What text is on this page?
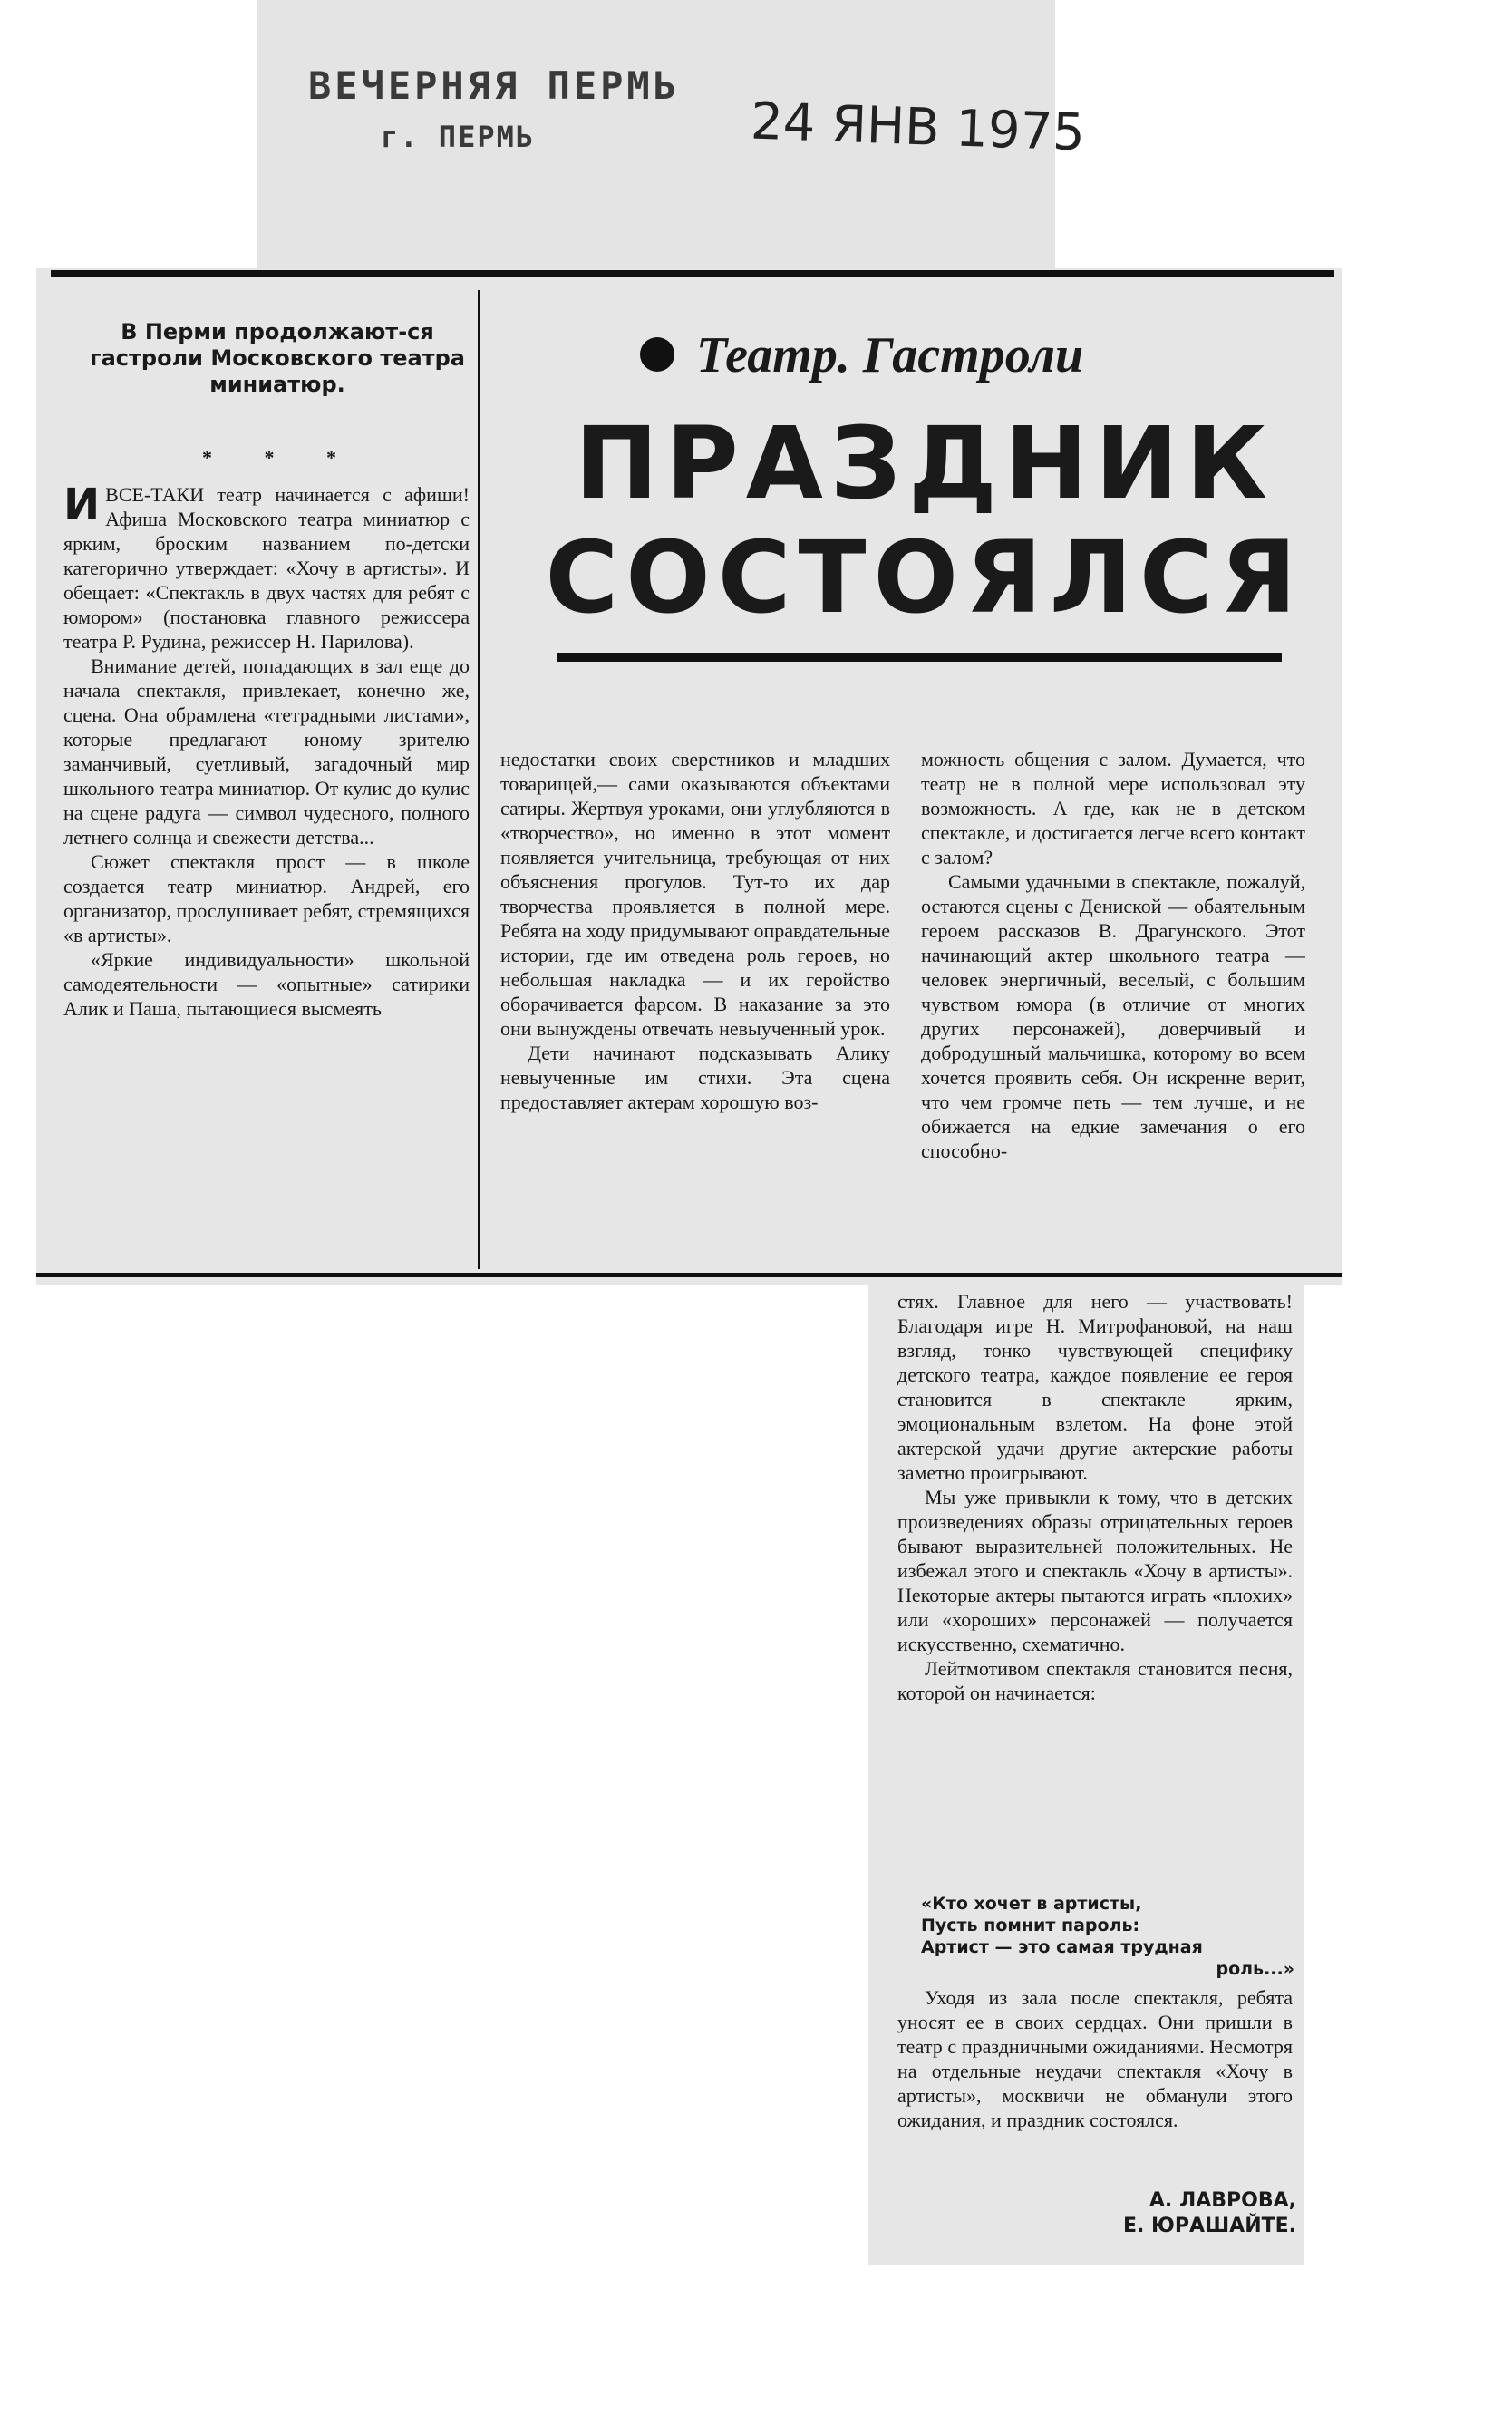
ВЕЧЕРНЯЯ ПЕРМЬ
г. ПЕРМЬ	24 ЯНВ 1975
В Перми продолжают-ся гастроли Московского театра миниатюр.
* * *
Театр. Гастроли
ПРАЗДНИК
СОСТОЯЛСЯ

ИВСЕ-ТАКИ театр начинается с афиши! Афиша Московского театра миниатюр с ярким, броским названием по-детски категорично утверждает: «Хочу в артисты». И обещает: «Спектакль в двух частях для ребят с юмором» (постановка главного режиссера театра Р. Рудина, режиссер Н. Парилова).

Внимание детей, попадающих в зал еще до начала спектакля, привлекает, конечно же, сцена. Она обрамлена «тетрадными листами», которые предлагают юному зрителю заманчивый, суетливый, загадочный мир школьного театра миниатюр. От кулис до кулис на сцене радуга — символ чудесного, полного летнего солнца и свежести детства...

Сюжет спектакля прост — в школе создается театр миниатюр. Андрей, его организатор, прослушивает ребят, стремящихся «в артисты».

«Яркие индивидуальности» школьной самодеятельности — «опытные» сатирики Алик и Паша, пытающиеся высмеять

недостатки своих сверстников и младших товарищей,— сами оказываются объектами сатиры. Жертвуя уроками, они углубляются в «творчество», но именно в этот момент появляется учительница, требующая от них объяснения прогулов. Тут-то их дар творчества проявляется в полной мере. Ребята на ходу придумывают оправдательные истории, где им отведена роль героев, но небольшая накладка — и их геройство оборачивается фарсом. В наказание за это они вынуждены отвечать невыученный урок.

Дети начинают подсказывать Алику невыученные им стихи. Эта сцена предоставляет актерам хорошую воз-

можность общения с залом. Думается, что театр не в полной мере использовал эту возможность. А где, как не в детском спектакле, и достигается легче всего контакт с залом?

Самыми удачными в спектакле, пожалуй, остаются сцены с Дениской — обаятельным героем рассказов В. Драгунского. Этот начинающий актер школьного театра — человек энергичный, веселый, с большим чувством юмора (в отличие от многих других персонажей), доверчивый и добродушный мальчишка, которому во всем хочется проявить себя. Он искренне верит, что чем громче петь — тем лучше, и не обижается на едкие замечания о его способно-

стях. Главное для него — участвовать! Благодаря игре Н. Митрофановой, на наш взгляд, тонко чувствующей специфику детского театра, каждое появление ее героя становится в спектакле ярким, эмоциональным взлетом. На фоне этой актерской удачи другие актерские работы заметно проигрывают.

Мы уже привыкли к тому, что в детских произведениях образы отрицательных героев бывают выразительней положительных. Не избежал этого и спектакль «Хочу в артисты». Некоторые актеры пытаются играть «плохих» или «хороших» персонажей — получается искусственно, схематично.

Лейтмотивом спектакля становится песня, которой он начинается:

«Кто хочет в артисты,
Пусть помнит пароль:
Артист — это самая трудная
роль...»

Уходя из зала после спектакля, ребята уносят ее в своих сердцах. Они пришли в театр с праздничными ожиданиями. Несмотря на отдельные неудачи спектакля «Хочу в артисты», москвичи не обманули этого ожидания, и праздник состоялся.

А. ЛАВРОВА,
Е. ЮРАШАЙТЕ.
